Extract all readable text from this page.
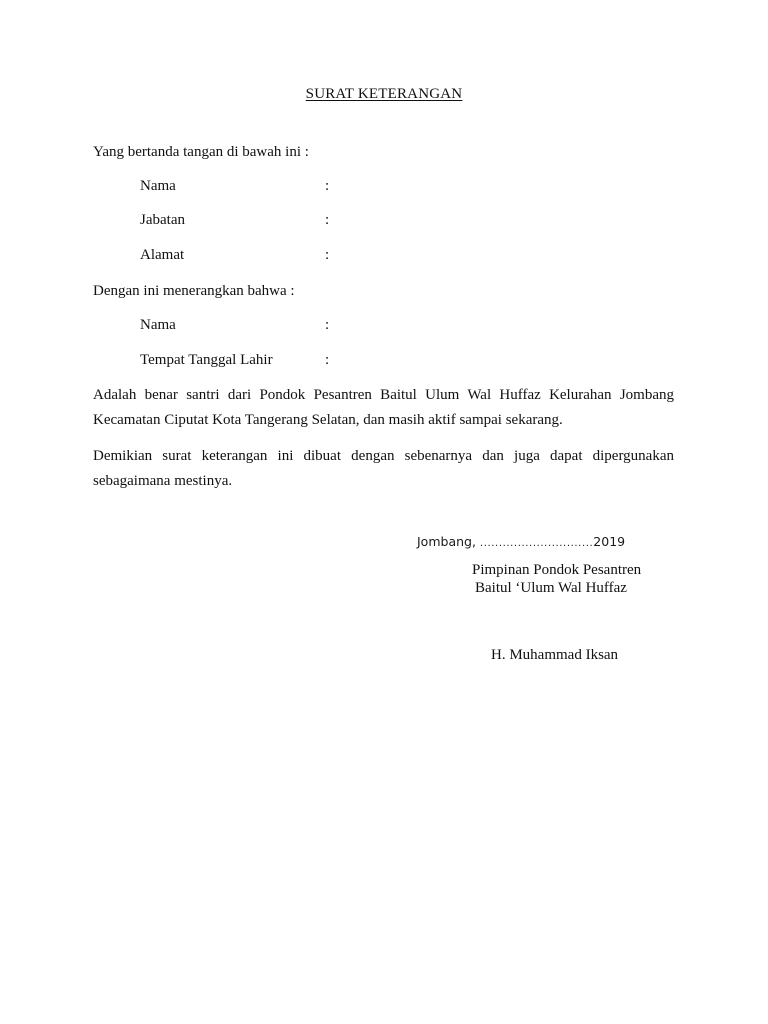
SURAT KETERANGAN
Yang bertanda tangan di bawah ini :
Nama	:
Jabatan	:
Alamat	:
Dengan ini menerangkan bahwa :
Nama	:
Tempat Tanggal Lahir	:
Adalah benar santri dari Pondok Pesantren Baitul Ulum Wal Huffaz Kelurahan Jombang Kecamatan Ciputat Kota Tangerang Selatan, dan masih aktif sampai sekarang.
Demikian surat keterangan ini dibuat dengan sebenarnya dan juga dapat dipergunakan sebagaimana mestinya.
Jombang, ..............................2019
Pimpinan Pondok Pesantren
Baitul ‘Ulum Wal Huffaz
H. Muhammad Iksan
